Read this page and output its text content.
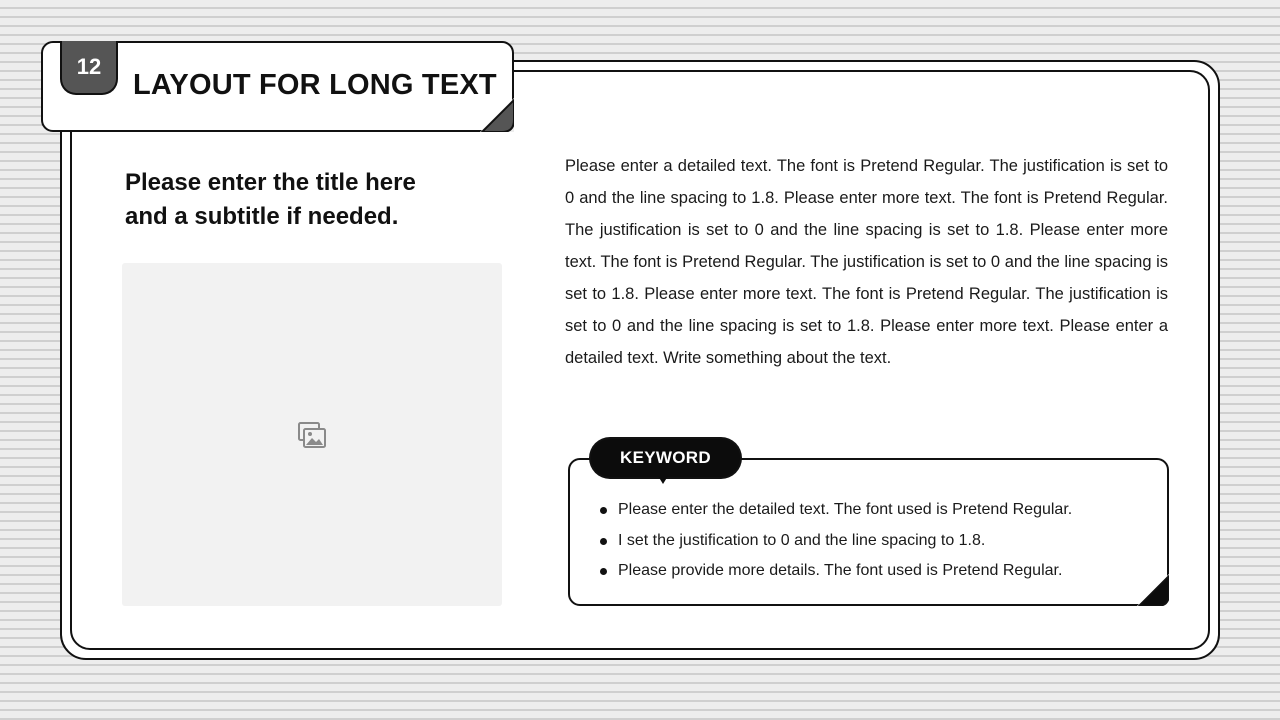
12
LAYOUT FOR LONG TEXT
Please enter the title here
and a subtitle if needed.
Please enter a detailed text. The font is Pretend Regular. The justification is set to 0 and the line spacing to 1.8. Please enter more text. The font is Pretend Regular. The justification is set to 0 and the line spacing is set to 1.8. Please enter more text. The font is Pretend Regular. The justification is set to 0 and the line spacing is set to 1.8. Please enter more text. The font is Pretend Regular. The justification is set to 0 and the line spacing is set to 1.8. Please enter more text. Please enter a detailed text. Write something about the text.
KEYWORD
Please enter the detailed text. The font used is Pretend Regular.
I set the justification to 0 and the line spacing to 1.8.
Please provide more details. The font used is Pretend Regular.
